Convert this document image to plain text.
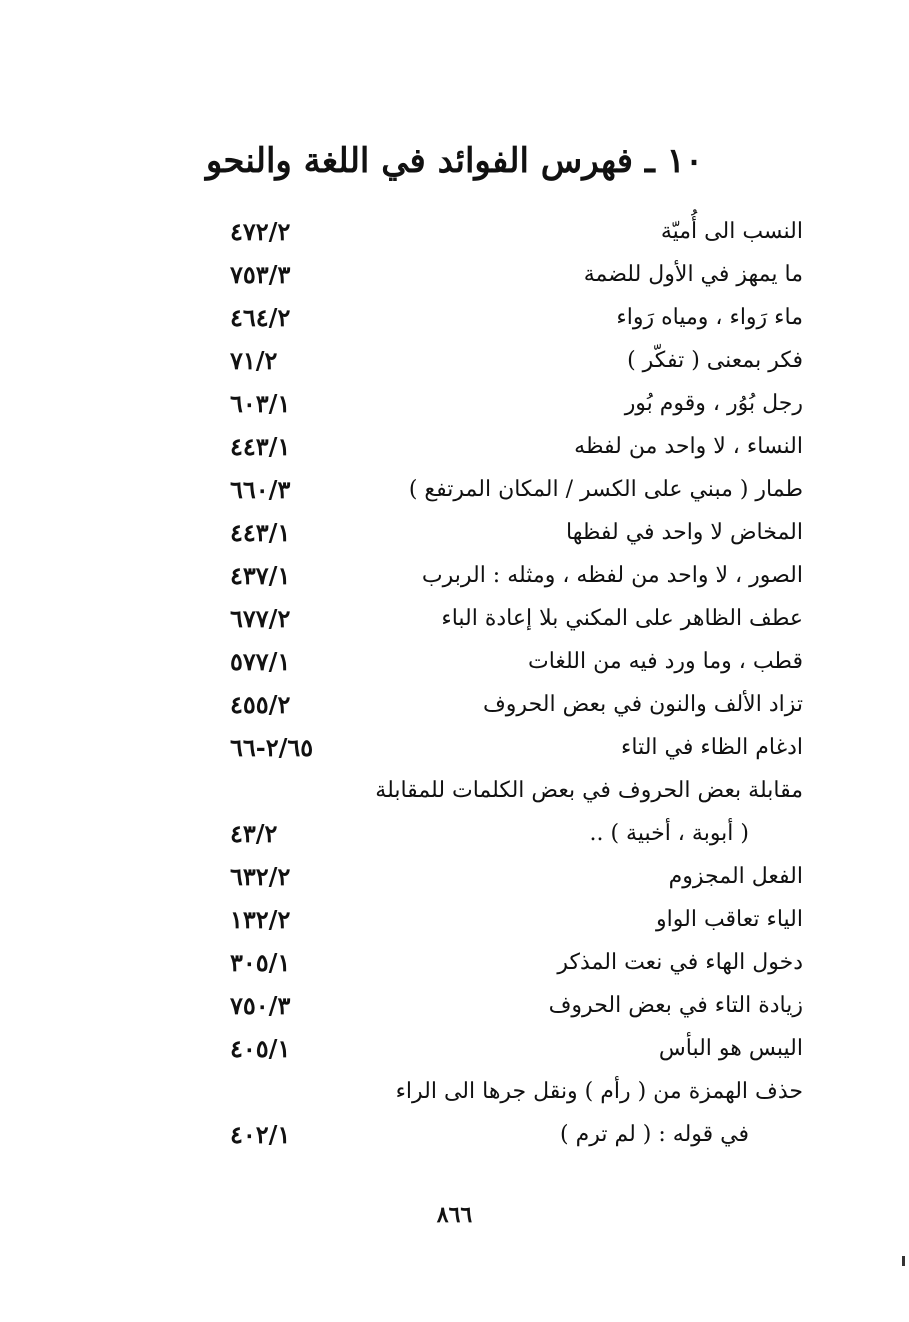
١٠ ـ فهرس الفوائد في اللغة والنحو
النسب الى أُميّة
٤٧٢/٢
ما يمهز في الأول للضمة
٧٥٣/٣
ماء رَواء ، ومياه رَواء
٤٦٤/٢
فكر بمعنى ( تفكّر )
٧١/٢
رجل بُوُر ، وقوم بُور
٦٠٣/١
النساء ، لا واحد من لفظه
٤٤٣/١
طمار ( مبني على الكسر / المكان المرتفع )
٦٦٠/٣
المخاض لا واحد في لفظها
٤٤٣/١
الصور ، لا واحد من لفظه ، ومثله : الربرب
٤٣٧/١
عطف الظاهر على المكني بلا إعادة الباء
٦٧٧/٢
قطب ، وما ورد فيه من اللغات
٥٧٧/١
تزاد الألف والنون في بعض الحروف
٤٥٥/٢
ادغام الظاء في التاء
٢/٦٥-٦٦
مقابلة بعض الحروف في بعض الكلمات للمقابلة
( أبوبة ، أخبية ) ..
٤٣/٢
الفعل المجزوم
٦٣٢/٢
الياء تعاقب الواو
١٣٢/٢
دخول الهاء في نعت المذكر
٣٠٥/١
زيادة التاء في بعض الحروف
٧٥٠/٣
اليبس هو البأس
٤٠٥/١
حذف الهمزة من ( رأم ) ونقل جرها الى الراء
في قوله : ( لم ترم )
٤٠٢/١
٨٦٦
